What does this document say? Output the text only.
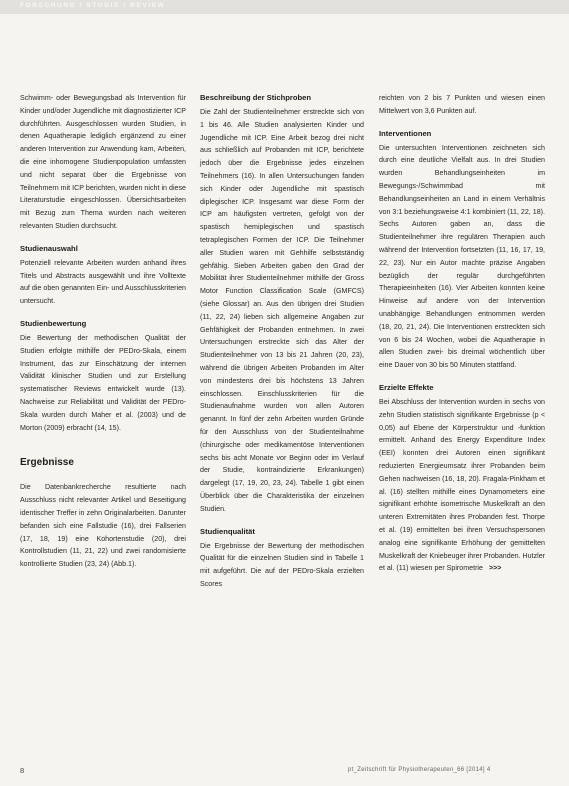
FORSCHUNG / STUDIE / REVIEW

Schwimm- oder Bewegungsbad als Intervention für Kinder und/oder Jugendliche mit diagnostizierter ICP durchführten. Ausgeschlossen wurden Studien, in denen Aquatherapie lediglich ergänzend zu einer anderen Intervention zur Anwendung kam, Arbeiten, die eine inhomogene Studienpopulation umfassten und nicht separat über die Ergebnisse von Teilnehmern mit ICP berichten, wurden nicht in diese Literaturstudie eingeschlossen. Übersichtsarbeiten mit Bezug zum Thema wurden nach weiteren relevanten Studien durchsucht.

Studienauswahl

Potenziell relevante Arbeiten wurden anhand ihres Titels und Abstracts ausgewählt und ihre Volltexte auf die oben genannten Ein- und Ausschlusskriterien untersucht.

Studienbewertung

Die Bewertung der methodischen Qualität der Studien erfolgte mithilfe der PEDro-Skala, einem Instrument, das zur Einschätzung der internen Validität klinischer Studien und zur Erstellung systematischer Reviews entwickelt wurde (13). Nachweise zur Reliabilität und Validität der PEDro-Skala wurden durch Maher et al. (2003) und de Morton (2009) erbracht (14, 15).

Ergebnisse

Die Datenbankrecherche resultierte nach Ausschluss nicht relevanter Artikel und Beseitigung identischer Treffer in zehn Originalarbeiten. Darunter befanden sich eine Fallstudie (16), drei Fallserien (17, 18, 19) eine Kohortenstudie (20), drei Kontrollstudien (11, 21, 22) und zwei randomisierte kontrollierte Studien (23, 24) (Abb.1).

Beschreibung der Stichproben

Die Zahl der Studienteilnehmer erstreckte sich von 1 bis 46. Alle Studien analysierten Kinder und Jugendliche mit ICP. Eine Arbeit bezog drei nicht aus schließlich auf Probanden mit ICP, berichtete jedoch über die Ergebnisse jedes einzelnen Teilnehmers (16). In allen Untersuchungen fanden sich Kinder oder Jugendliche mit spastisch diplegischer ICP. Insgesamt war diese Form der ICP am häufigsten vertreten, gefolgt von der spastisch hemiplegischen und spastisch tetraplegischen Formen der ICP. Die Teilnehmer aller Studien waren mit Gehhilfe selbstständig gehfähig. Sieben Arbeiten gaben den Grad der Mobilität ihrer Studienteilnehmer mithilfe der Gross Motor Function Classification Scale (GMFCS) (siehe Glossar) an. Aus den übrigen drei Studien (11, 22, 24) lieben sich allgemeine Angaben zur Gehfähigkeit der Probanden entnehmen. In zwei Untersuchungen erstreckte sich das Alter der Studienteilnehmer von 13 bis 21 Jahren (20, 23), während die übrigen Arbeiten Probanden im Alter von mindestens drei bis höchstens 13 Jahren einschlossen. Einschlusskriterien für die Studienaufnahme wurden von allen Autoren genannt. In fünf der zehn Arbeiten wurden Gründe für den Ausschluss von der Studienteilnahme (chirurgische oder medikamentöse Interventionen sechs bis acht Monate vor Beginn oder im Verlauf der Studie, kontraindizierte Erkrankungen) dargelegt (17, 19, 20, 23, 24). Tabelle 1 gibt einen Überblick über die Charakteristika der einzelnen Studien.

Studienqualität

Die Ergebnisse der Bewertung der methodischen Qualität für die einzelnen Studien sind in Tabelle 1 mit aufgeführt. Die auf der PEDro-Skala erzielten Scores

reichten von 2 bis 7 Punkten und wiesen einen Mittelwert von 3,6 Punkten auf.

Interventionen

Die untersuchten Interventionen zeichneten sich durch eine deutliche Vielfalt aus. In drei Studien wurden Behandlungseinheiten im Bewegungs-/Schwimmbad mit Behandlungseinheiten an Land in einem Verhältnis von 3:1 beziehungsweise 4:1 kombiniert (11, 22, 18). Sechs Autoren gaben an, dass die Studienteilnehmer ihre regulären Therapien auch während der Intervention fortsetzten (11, 16, 17, 19, 22, 23). Nur ein Autor machte präzise Angaben bezüglich der regulär durchgeführten Therapieeinheiten (16). Vier Arbeiten konnten keine Hinweise auf andere von der Intervention unabhängige Behandlungen entnommen werden (18, 20, 21, 24). Die Interventionen erstreckten sich von 6 bis 24 Wochen, wobei die Aquatherapie in allen Studien zwei- bis dreimal wöchentlich über eine Dauer von 30 bis 50 Minuten stattfand.

Erzielte Effekte

Bei Abschluss der Intervention wurden in sechs von zehn Studien statistisch signifikante Ergebnisse (p < 0,05) auf Ebene der Körperstruktur und -funktion ermittelt. Anhand des Energy Expenditure Index (EEI) konnten drei Autoren einen signifikant reduzierten Energieumsatz ihrer Probanden beim Gehen nachweisen (16, 18, 20). Fragala-Pinkham et al. (16) stellten mithilfe eines Dynamometers eine signifikant erhöhte isometrische Muskelkraft an den unteren Extremitäten ihres Probanden fest. Thorpe et al. (19) ermittelten bei ihren Versuchspersonen analog eine signifikante Erhöhung der gemittelten Muskelkraft der Kniebeuger ihrer Probanden. Hutzler et al. (11) wiesen per Spirometrie >>>

8	pt_Zeitschrift für Physiotherapeuten_66 [2014] 4
